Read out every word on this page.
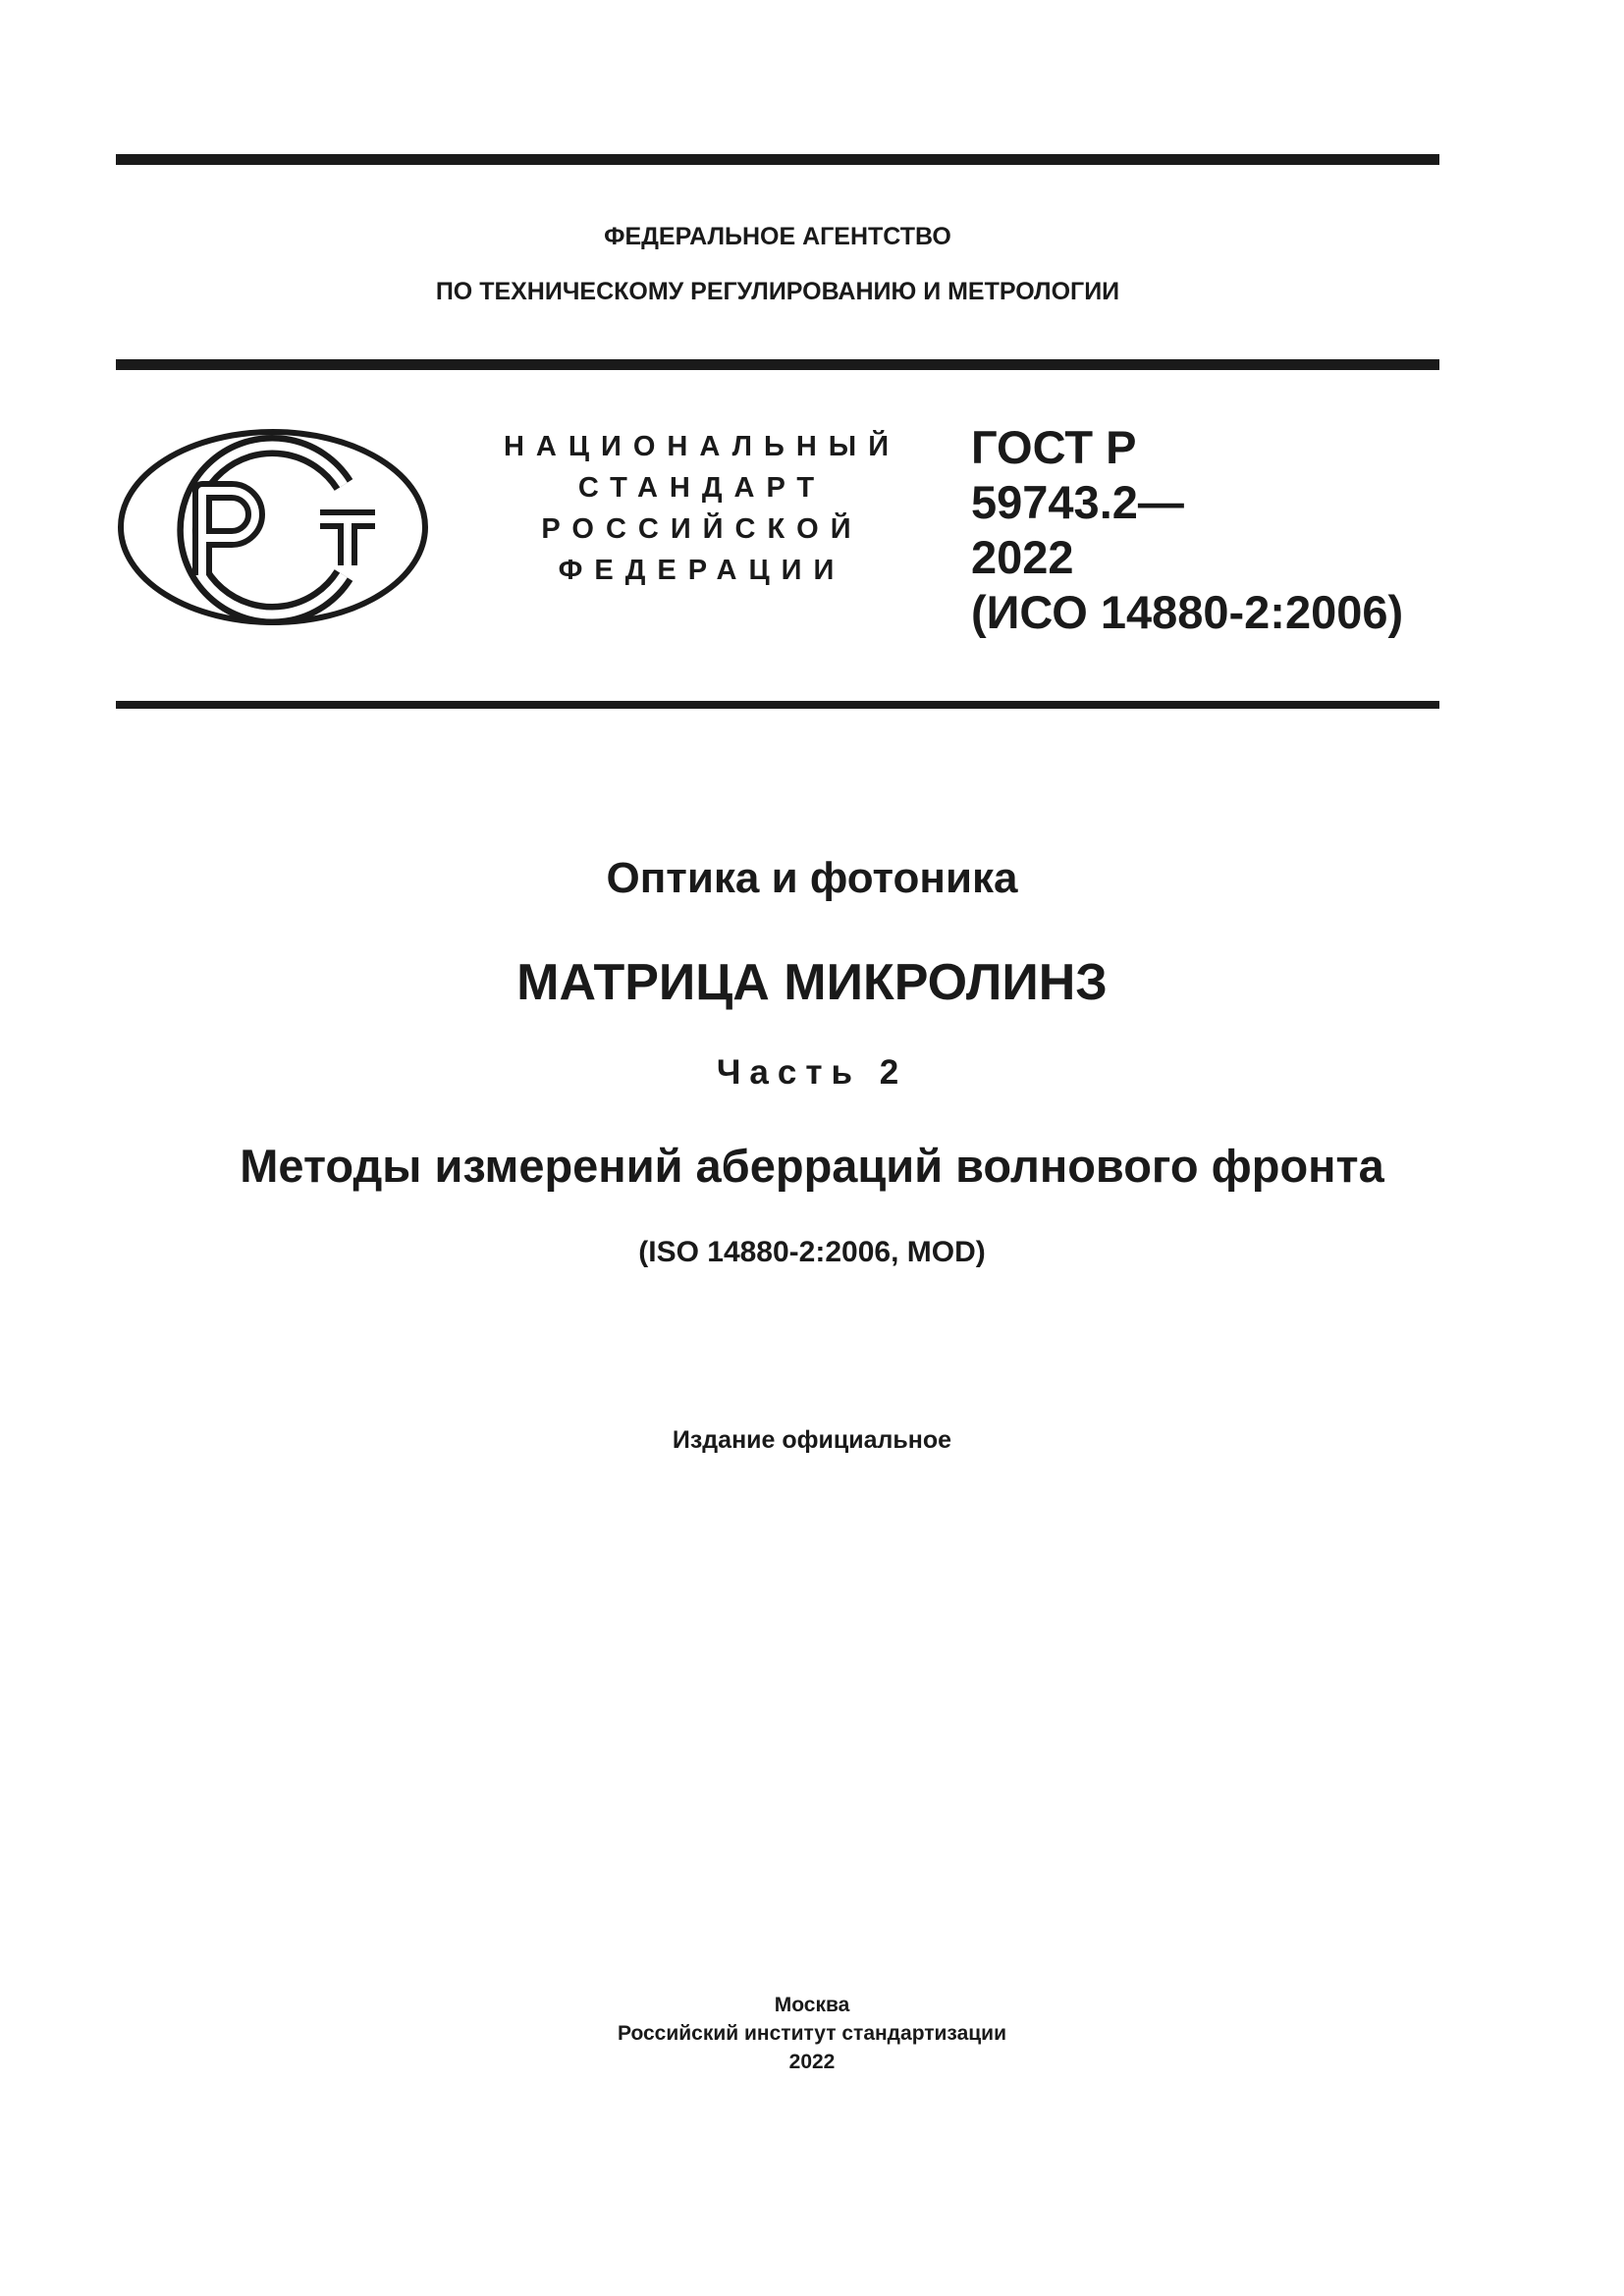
ФЕДЕРАЛЬНОЕ АГЕНТСТВО
ПО ТЕХНИЧЕСКОМУ РЕГУЛИРОВАНИЮ И МЕТРОЛОГИИ
НАЦИОНАЛЬНЫЙ
СТАНДАРТ
РОССИЙСКОЙ
ФЕДЕРАЦИИ
ГОСТ Р
59743.2—
2022
(ИСО 14880-2:2006)
Оптика и фотоника
МАТРИЦА МИКРОЛИНЗ
Часть 2
Методы измерений аберраций волнового фронта
(ISO 14880-2:2006, MOD)
Издание официальное
Москва
Российский институт стандартизации
2022
